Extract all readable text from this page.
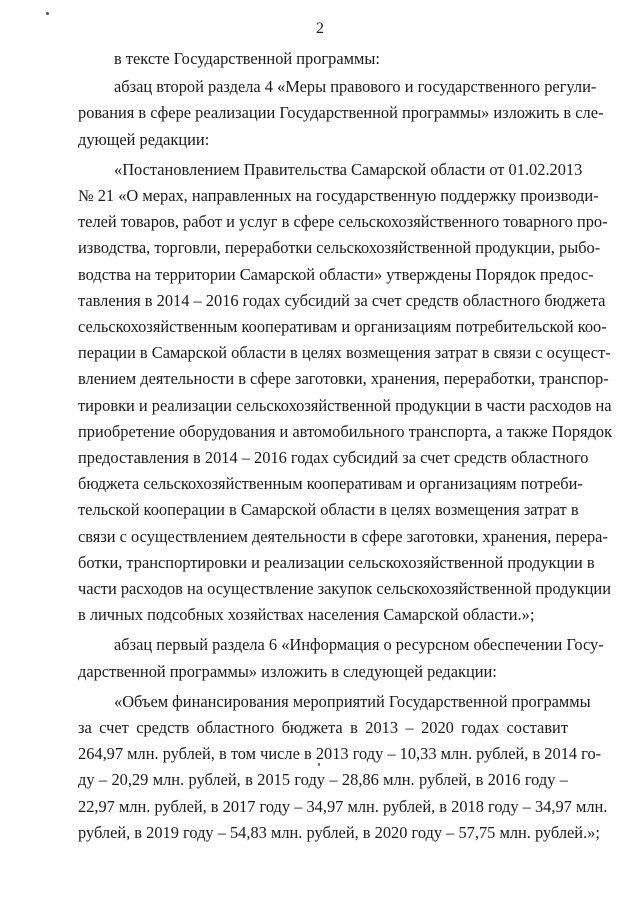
2

в тексте Государственной программы:

абзац второй раздела 4 «Меры правового и государственного регули-
рования в сфере реализации Государственной программы» изложить в сле-
дующей редакции:

«Постановлением Правительства Самарской области от 01.02.2013
№ 21 «О мерах, направленных на государственную поддержку производи-
телей товаров, работ и услуг в сфере сельскохозяйственного товарного про-
изводства, торговли, переработки сельскохозяйственной продукции, рыбо-
водства на территории Самарской области» утверждены Порядок предос-
тавления в 2014 – 2016 годах субсидий за счет средств областного бюджета
сельскохозяйственным кооперативам и организациям потребительской коо-
перации в Самарской области в целях возмещения затрат в связи с осущест-
влением деятельности в сфере заготовки, хранения, переработки, транспор-
тировки и реализации сельскохозяйственной продукции в части расходов на
приобретение оборудования и автомобильного транспорта, а также Порядок
предоставления в 2014 – 2016 годах субсидий за счет средств областного
бюджета сельскохозяйственным кооперативам и организациям потреби-
тельской кооперации в Самарской области в целях возмещения затрат в
связи с осуществлением деятельности в сфере заготовки, хранения, перера-
ботки, транспортировки и реализации сельскохозяйственной продукции в
части расходов на осуществление закупок сельскохозяйственной продукции
в личных подсобных хозяйствах населения Самарской области.»;

абзац первый раздела 6 «Информация о ресурсном обеспечении Госу-
дарственной программы» изложить в следующей редакции:

«Объем финансирования мероприятий Государственной программы
за счет средств областного бюджета в 2013 – 2020 годах составит
264,97 млн. рублей, в том числе в 2013 году – 10,33 млн. рублей, в 2014 го-
ду – 20,29 млн. рублей, в 2015 году – 28,86 млн. рублей, в 2016 году –
22,97 млн. рублей, в 2017 году – 34,97 млн. рублей, в 2018 году – 34,97 млн.
рублей, в 2019 году – 54,83 млн. рублей, в 2020 году – 57,75 млн. рублей.»;
